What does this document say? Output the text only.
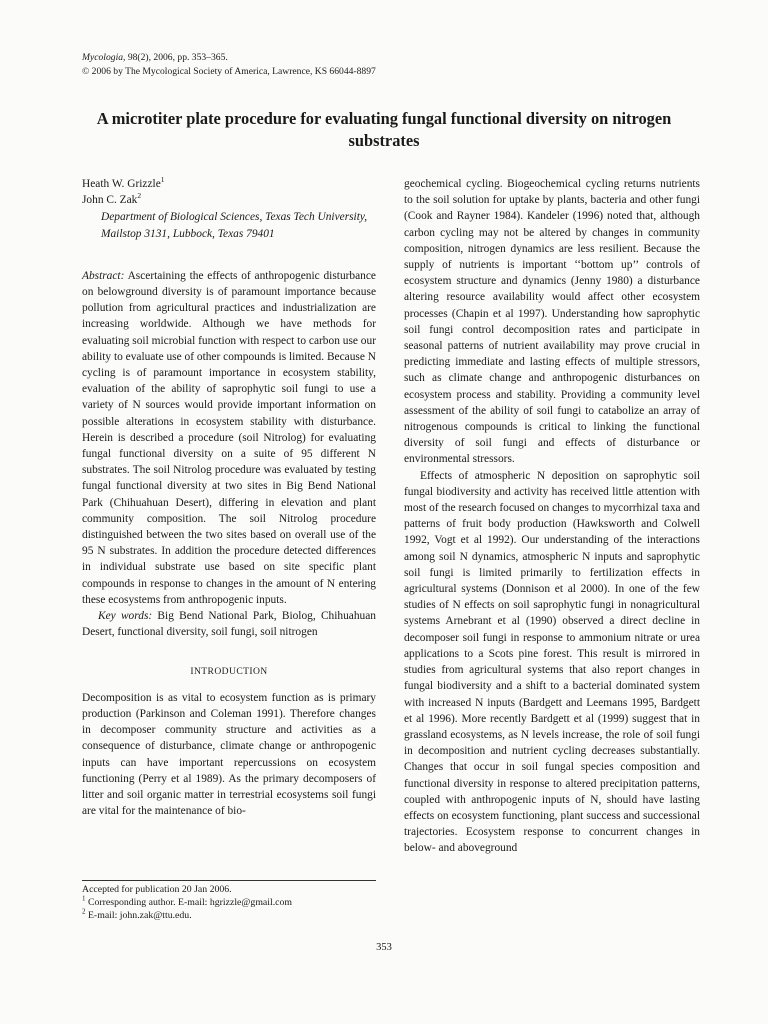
Mycologia, 98(2), 2006, pp. 353–365.
© 2006 by The Mycological Society of America, Lawrence, KS 66044-8897
A microtiter plate procedure for evaluating fungal functional diversity on nitrogen substrates
Heath W. Grizzle$^1$
John C. Zak$^2$
Department of Biological Sciences, Texas Tech University, Mailstop 3131, Lubbock, Texas 79401

Abstract: Ascertaining the effects of anthropogenic disturbance on belowground diversity is of paramount importance because pollution from agricultural practices and industrialization are increasing worldwide. Although we have methods for evaluating soil microbial function with respect to carbon use our ability to evaluate use of other compounds is limited. Because N cycling is of paramount importance in ecosystem stability, evaluation of the ability of saprophytic soil fungi to use a variety of N sources would provide important information on possible alterations in ecosystem stability with disturbance. Herein is described a procedure (soil Nitrolog) for evaluating fungal functional diversity on a suite of 95 different N substrates. The soil Nitrolog procedure was evaluated by testing fungal functional diversity at two sites in Big Bend National Park (Chihuahuan Desert), differing in elevation and plant community composition. The soil Nitrolog procedure distinguished between the two sites based on overall use of the 95 N substrates. In addition the procedure detected differences in individual substrate use based on site specific plant compounds in response to changes in the amount of N entering these ecosystems from anthropogenic inputs.

Key words: Big Bend National Park, Biolog, Chihuahuan Desert, functional diversity, soil fungi, soil nitrogen

INTRODUCTION

Decomposition is as vital to ecosystem function as is primary production (Parkinson and Coleman 1991). Therefore changes in decomposer community structure and activities as a consequence of disturbance, climate change or anthropogenic inputs can have important repercussions on ecosystem functioning (Perry et al 1989). As the primary decomposers of litter and soil organic matter in terrestrial ecosystems soil fungi are vital for the maintenance of bio-

geochemical cycling. Biogeochemical cycling returns nutrients to the soil solution for uptake by plants, bacteria and other fungi (Cook and Rayner 1984). Kandeler (1996) noted that, although carbon cycling may not be altered by changes in community composition, nitrogen dynamics are less resilient. Because the supply of nutrients is important ‘‘bottom up’’ controls of ecosystem structure and dynamics (Jenny 1980) a disturbance altering resource availability would affect other ecosystem processes (Chapin et al 1997). Understanding how saprophytic soil fungi control decomposition rates and participate in seasonal patterns of nutrient availability may prove crucial in predicting immediate and lasting effects of multiple stressors, such as climate change and anthropogenic disturbances on ecosystem process and stability. Providing a community level assessment of the ability of soil fungi to catabolize an array of nitrogenous compounds is critical to linking the functional diversity of soil fungi and effects of disturbance or environmental stressors.

Effects of atmospheric N deposition on saprophytic soil fungal biodiversity and activity has received little attention with most of the research focused on changes to mycorrhizal taxa and patterns of fruit body production (Hawksworth and Colwell 1992, Vogt et al 1992). Our understanding of the interactions among soil N dynamics, atmospheric N inputs and saprophytic soil fungi is limited primarily to fertilization effects in agricultural systems (Donnison et al 2000). In one of the few studies of N effects on soil saprophytic fungi in nonagricultural systems Arnebrant et al (1990) observed a direct decline in decomposer soil fungi in response to ammonium nitrate or urea applications to a Scots pine forest. This result is mirrored in studies from agricultural systems that also report changes in fungal biodiversity and a shift to a bacterial dominated system with increased N inputs (Bardgett and Leemans 1995, Bardgett et al 1996). More recently Bardgett et al (1999) suggest that in grassland ecosystems, as N levels increase, the role of soil fungi in decomposition and nutrient cycling decreases substantially. Changes that occur in soil fungal species composition and functional diversity in response to altered precipitation patterns, coupled with anthropogenic inputs of N, should have lasting effects on ecosystem functioning, plant success and successional trajectories. Ecosystem response to concurrent changes in below- and aboveground

Accepted for publication 20 Jan 2006.
$^1$ Corresponding author. E-mail: hgrizzle@gmail.com
$^2$ E-mail: john.zak@ttu.edu.
353
